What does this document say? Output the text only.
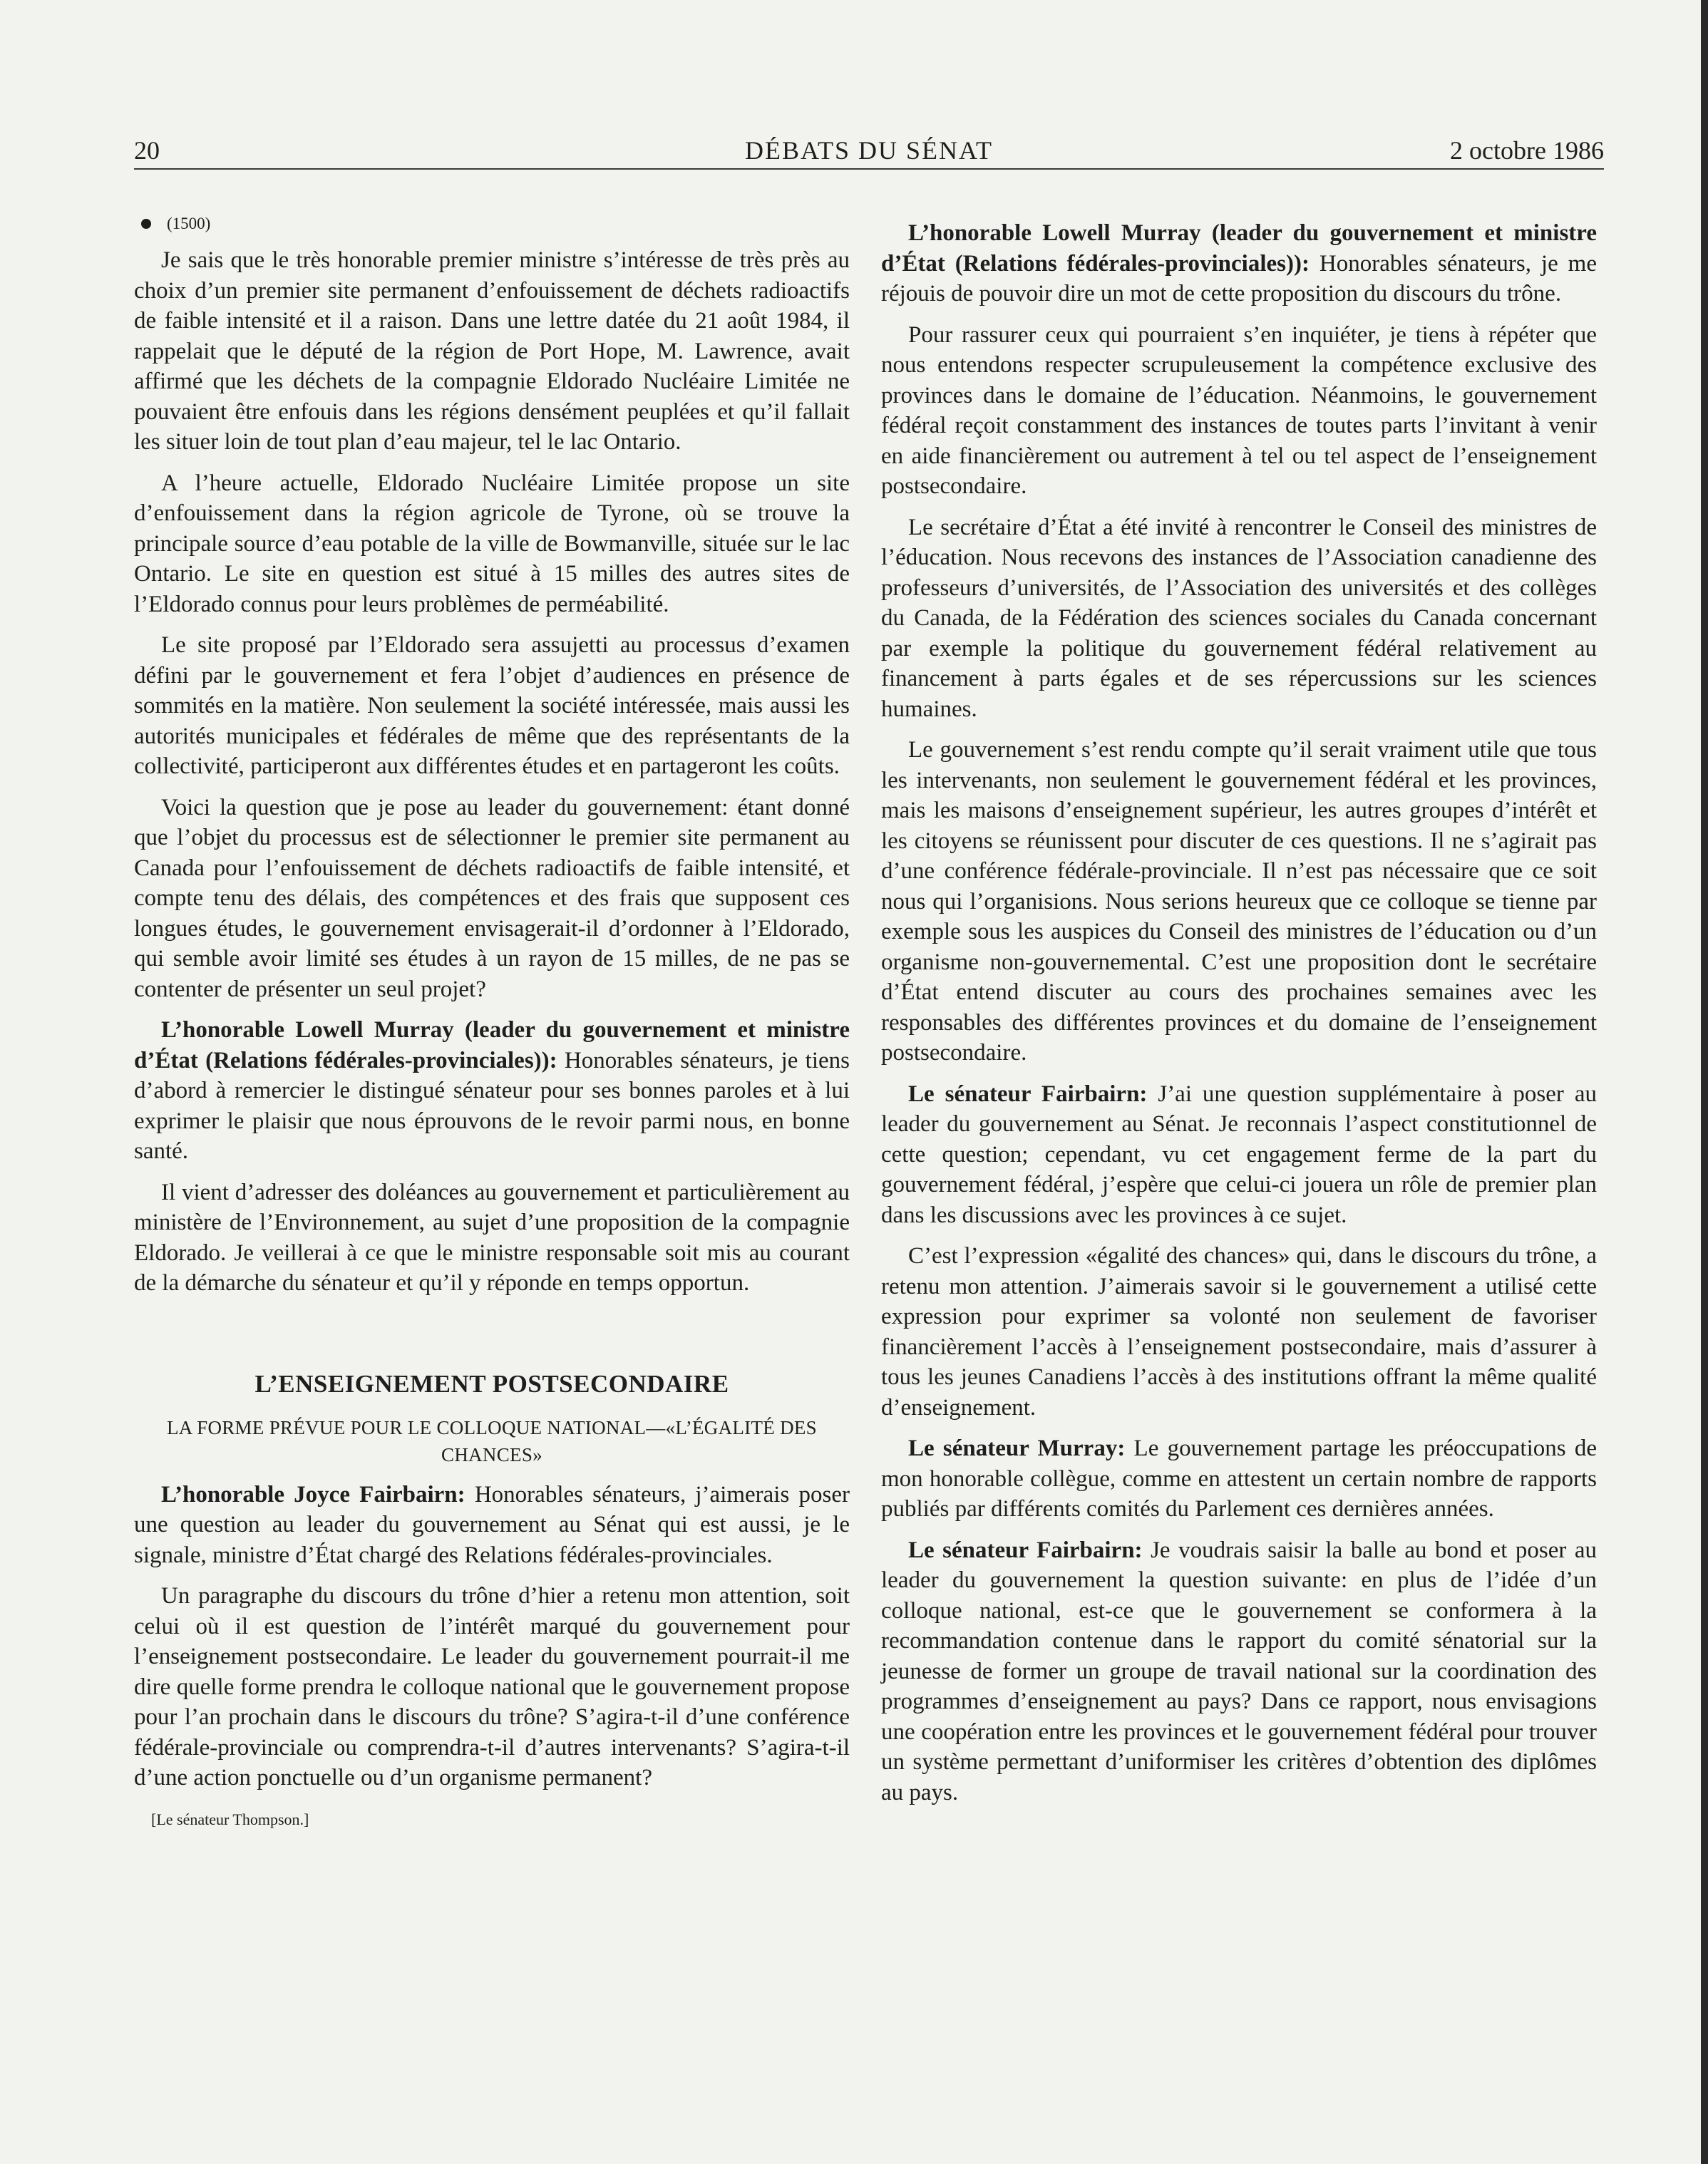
20	DÉBATS DU SÉNAT	2 octobre 1986
(1500)

Je sais que le très honorable premier ministre s’intéresse de très près au choix d’un premier site permanent d’enfouissement de déchets radioactifs de faible intensité et il a raison. Dans une lettre datée du 21 août 1984, il rappelait que le député de la région de Port Hope, M. Lawrence, avait affirmé que les déchets de la compagnie Eldorado Nucléaire Limitée ne pouvaient être enfouis dans les régions densément peuplées et qu’il fallait les situer loin de tout plan d’eau majeur, tel le lac Ontario.

A l’heure actuelle, Eldorado Nucléaire Limitée propose un site d’enfouissement dans la région agricole de Tyrone, où se trouve la principale source d’eau potable de la ville de Bowmanville, située sur le lac Ontario. Le site en question est situé à 15 milles des autres sites de l’Eldorado connus pour leurs problèmes de perméabilité.

Le site proposé par l’Eldorado sera assujetti au processus d’examen défini par le gouvernement et fera l’objet d’audiences en présence de sommités en la matière. Non seulement la société intéressée, mais aussi les autorités municipales et fédérales de même que des représentants de la collectivité, participeront aux différentes études et en partageront les coûts.

Voici la question que je pose au leader du gouvernement: étant donné que l’objet du processus est de sélectionner le premier site permanent au Canada pour l’enfouissement de déchets radioactifs de faible intensité, et compte tenu des délais, des compétences et des frais que supposent ces longues études, le gouvernement envisagerait-il d’ordonner à l’Eldorado, qui semble avoir limité ses études à un rayon de 15 milles, de ne pas se contenter de présenter un seul projet?

L’honorable Lowell Murray (leader du gouvernement et ministre d’État (Relations fédérales-provinciales)): Honorables sénateurs, je tiens d’abord à remercier le distingué sénateur pour ses bonnes paroles et à lui exprimer le plaisir que nous éprouvons de le revoir parmi nous, en bonne santé.

Il vient d’adresser des doléances au gouvernement et particulièrement au ministère de l’Environnement, au sujet d’une proposition de la compagnie Eldorado. Je veillerai à ce que le ministre responsable soit mis au courant de la démarche du sénateur et qu’il y réponde en temps opportun.

L’ENSEIGNEMENT POSTSECONDAIRE
LA FORME PRÉVUE POUR LE COLLOQUE NATIONAL—«L’ÉGALITÉ DES CHANCES»

L’honorable Joyce Fairbairn: Honorables sénateurs, j’aimerais poser une question au leader du gouvernement au Sénat qui est aussi, je le signale, ministre d’État chargé des Relations fédérales-provinciales.

Un paragraphe du discours du trône d’hier a retenu mon attention, soit celui où il est question de l’intérêt marqué du gouvernement pour l’enseignement postsecondaire. Le leader du gouvernement pourrait-il me dire quelle forme prendra le colloque national que le gouvernement propose pour l’an prochain dans le discours du trône? S’agira-t-il d’une conférence fédérale-provinciale ou comprendra-t-il d’autres intervenants? S’agira-t-il d’une action ponctuelle ou d’un organisme permanent?

[Le sénateur Thompson.]

L’honorable Lowell Murray (leader du gouvernement et ministre d’État (Relations fédérales-provinciales)): Honorables sénateurs, je me réjouis de pouvoir dire un mot de cette proposition du discours du trône.

Pour rassurer ceux qui pourraient s’en inquiéter, je tiens à répéter que nous entendons respecter scrupuleusement la compétence exclusive des provinces dans le domaine de l’éducation. Néanmoins, le gouvernement fédéral reçoit constamment des instances de toutes parts l’invitant à venir en aide financièrement ou autrement à tel ou tel aspect de l’enseignement postsecondaire.

Le secrétaire d’État a été invité à rencontrer le Conseil des ministres de l’éducation. Nous recevons des instances de l’Association canadienne des professeurs d’universités, de l’Association des universités et des collèges du Canada, de la Fédération des sciences sociales du Canada concernant par exemple la politique du gouvernement fédéral relativement au financement à parts égales et de ses répercussions sur les sciences humaines.

Le gouvernement s’est rendu compte qu’il serait vraiment utile que tous les intervenants, non seulement le gouvernement fédéral et les provinces, mais les maisons d’enseignement supérieur, les autres groupes d’intérêt et les citoyens se réunissent pour discuter de ces questions. Il ne s’agirait pas d’une conférence fédérale-provinciale. Il n’est pas nécessaire que ce soit nous qui l’organisions. Nous serions heureux que ce colloque se tienne par exemple sous les auspices du Conseil des ministres de l’éducation ou d’un organisme non-gouvernemental. C’est une proposition dont le secrétaire d’État entend discuter au cours des prochaines semaines avec les responsables des différentes provinces et du domaine de l’enseignement postsecondaire.

Le sénateur Fairbairn: J’ai une question supplémentaire à poser au leader du gouvernement au Sénat. Je reconnais l’aspect constitutionnel de cette question; cependant, vu cet engagement ferme de la part du gouvernement fédéral, j’espère que celui-ci jouera un rôle de premier plan dans les discussions avec les provinces à ce sujet.

C’est l’expression «égalité des chances» qui, dans le discours du trône, a retenu mon attention. J’aimerais savoir si le gouvernement a utilisé cette expression pour exprimer sa volonté non seulement de favoriser financièrement l’accès à l’enseignement postsecondaire, mais d’assurer à tous les jeunes Canadiens l’accès à des institutions offrant la même qualité d’enseignement.

Le sénateur Murray: Le gouvernement partage les préoccupations de mon honorable collègue, comme en attestent un certain nombre de rapports publiés par différents comités du Parlement ces dernières années.

Le sénateur Fairbairn: Je voudrais saisir la balle au bond et poser au leader du gouvernement la question suivante: en plus de l’idée d’un colloque national, est-ce que le gouvernement se conformera à la recommandation contenue dans le rapport du comité sénatorial sur la jeunesse de former un groupe de travail national sur la coordination des programmes d’enseignement au pays? Dans ce rapport, nous envisagions une coopération entre les provinces et le gouvernement fédéral pour trouver un système permettant d’uniformiser les critères d’obtention des diplômes au pays.
